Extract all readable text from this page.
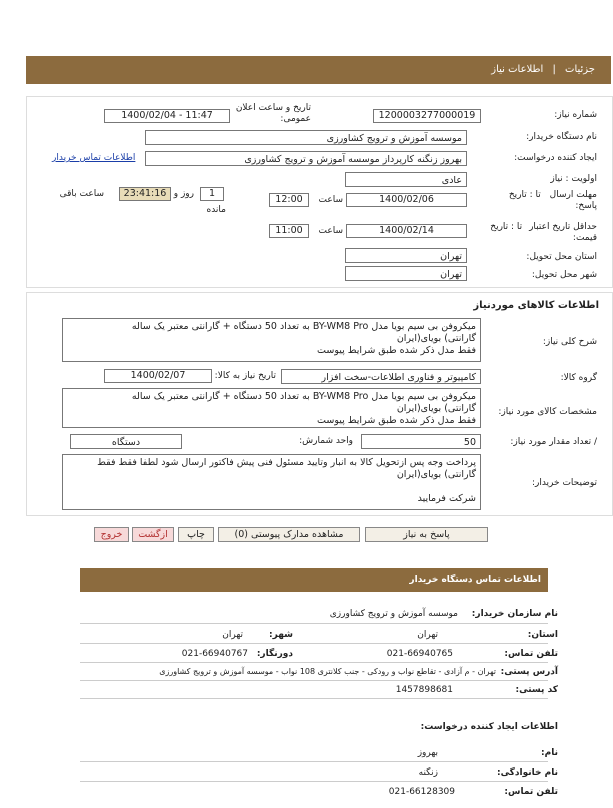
جزئیات | اطلاعات نیاز
شماره نیاز:
1200003277000019
تاریخ و ساعت اعلان
عمومی:
1400/02/04 - 11:47
نام دستگاه خریدار:
موسسه آموزش و ترویج کشاورزی
ایجاد کننده درخواست:
بهروز زنگنه کارپرداز موسسه آموزش و ترویج کشاورزی
اطلاعات تماس خریدار
اولویت : نیاز
عادی
مهلت ارسال تا : تاریخ
پاسخ:
1400/02/06
ساعت
12:00
1
روز و
مانده
23:41:16
ساعت باقی
حداقل تاریخ اعتبار تا : تاریخ
قیمت:
1400/02/14
ساعت
11:00
استان محل تحویل:
تهران
شهر محل تحویل:
تهران
اطلاعات کالاهای موردنیاز
شرح کلی نیاز:
میکروفن بی سیم بویا مدل BY-WM8 Pro به تعداد 50 دستگاه + گارانتی معتبر یک ساله
گارانتی) بویای(ایران
فقط مدل ذکر شده طبق شرایط پیوست
گروه کالا:
کامپیوتر و فناوری اطلاعات-سخت افزار
تاریخ نیاز به کالا:
1400/02/07
مشخصات کالای مورد نیاز:
میکروفن بی سیم بویا مدل BY-WM8 Pro به تعداد 50 دستگاه + گارانتی معتبر یک ساله
گارانتی) بویای(ایران
فقط مدل ذکر شده طبق شرایط پیوست
/ تعداد مقدار مورد نیاز:
50
واحد شمارش:
دستگاه
توضیحات خریدار:
پرداخت وجه پس ازتحویل کالا به انبار وتایید مسئول فنی پیش فاکتور ارسال شود لطفا فقط فقط
گارانتی) بویای(ایران
شرکت فرمایید
پاسخ به نیاز
مشاهده مدارک پیوستی (0)
چاپ
ازگشت
خروج
اطلاعات تماس دستگاه خریدار
نام سازمان خریدار:
موسسه آموزش و ترویج کشاورزی
استان:
تهران
شهر:
تهران
تلفن تماس:
021-66940765
دورنگار:
021-66940767
آدرس پستی:
تهران - م آزادی - تقاطع نواب و رودکی - جنب کلانتری 108 نواب - موسسه آموزش و ترویج کشاورزی
کد پستی:
1457898681
اطلاعات ایجاد کننده درخواست:
نام:
بهروز
نام خانوادگی:
زنگنه
تلفن تماس:
021-66128309
